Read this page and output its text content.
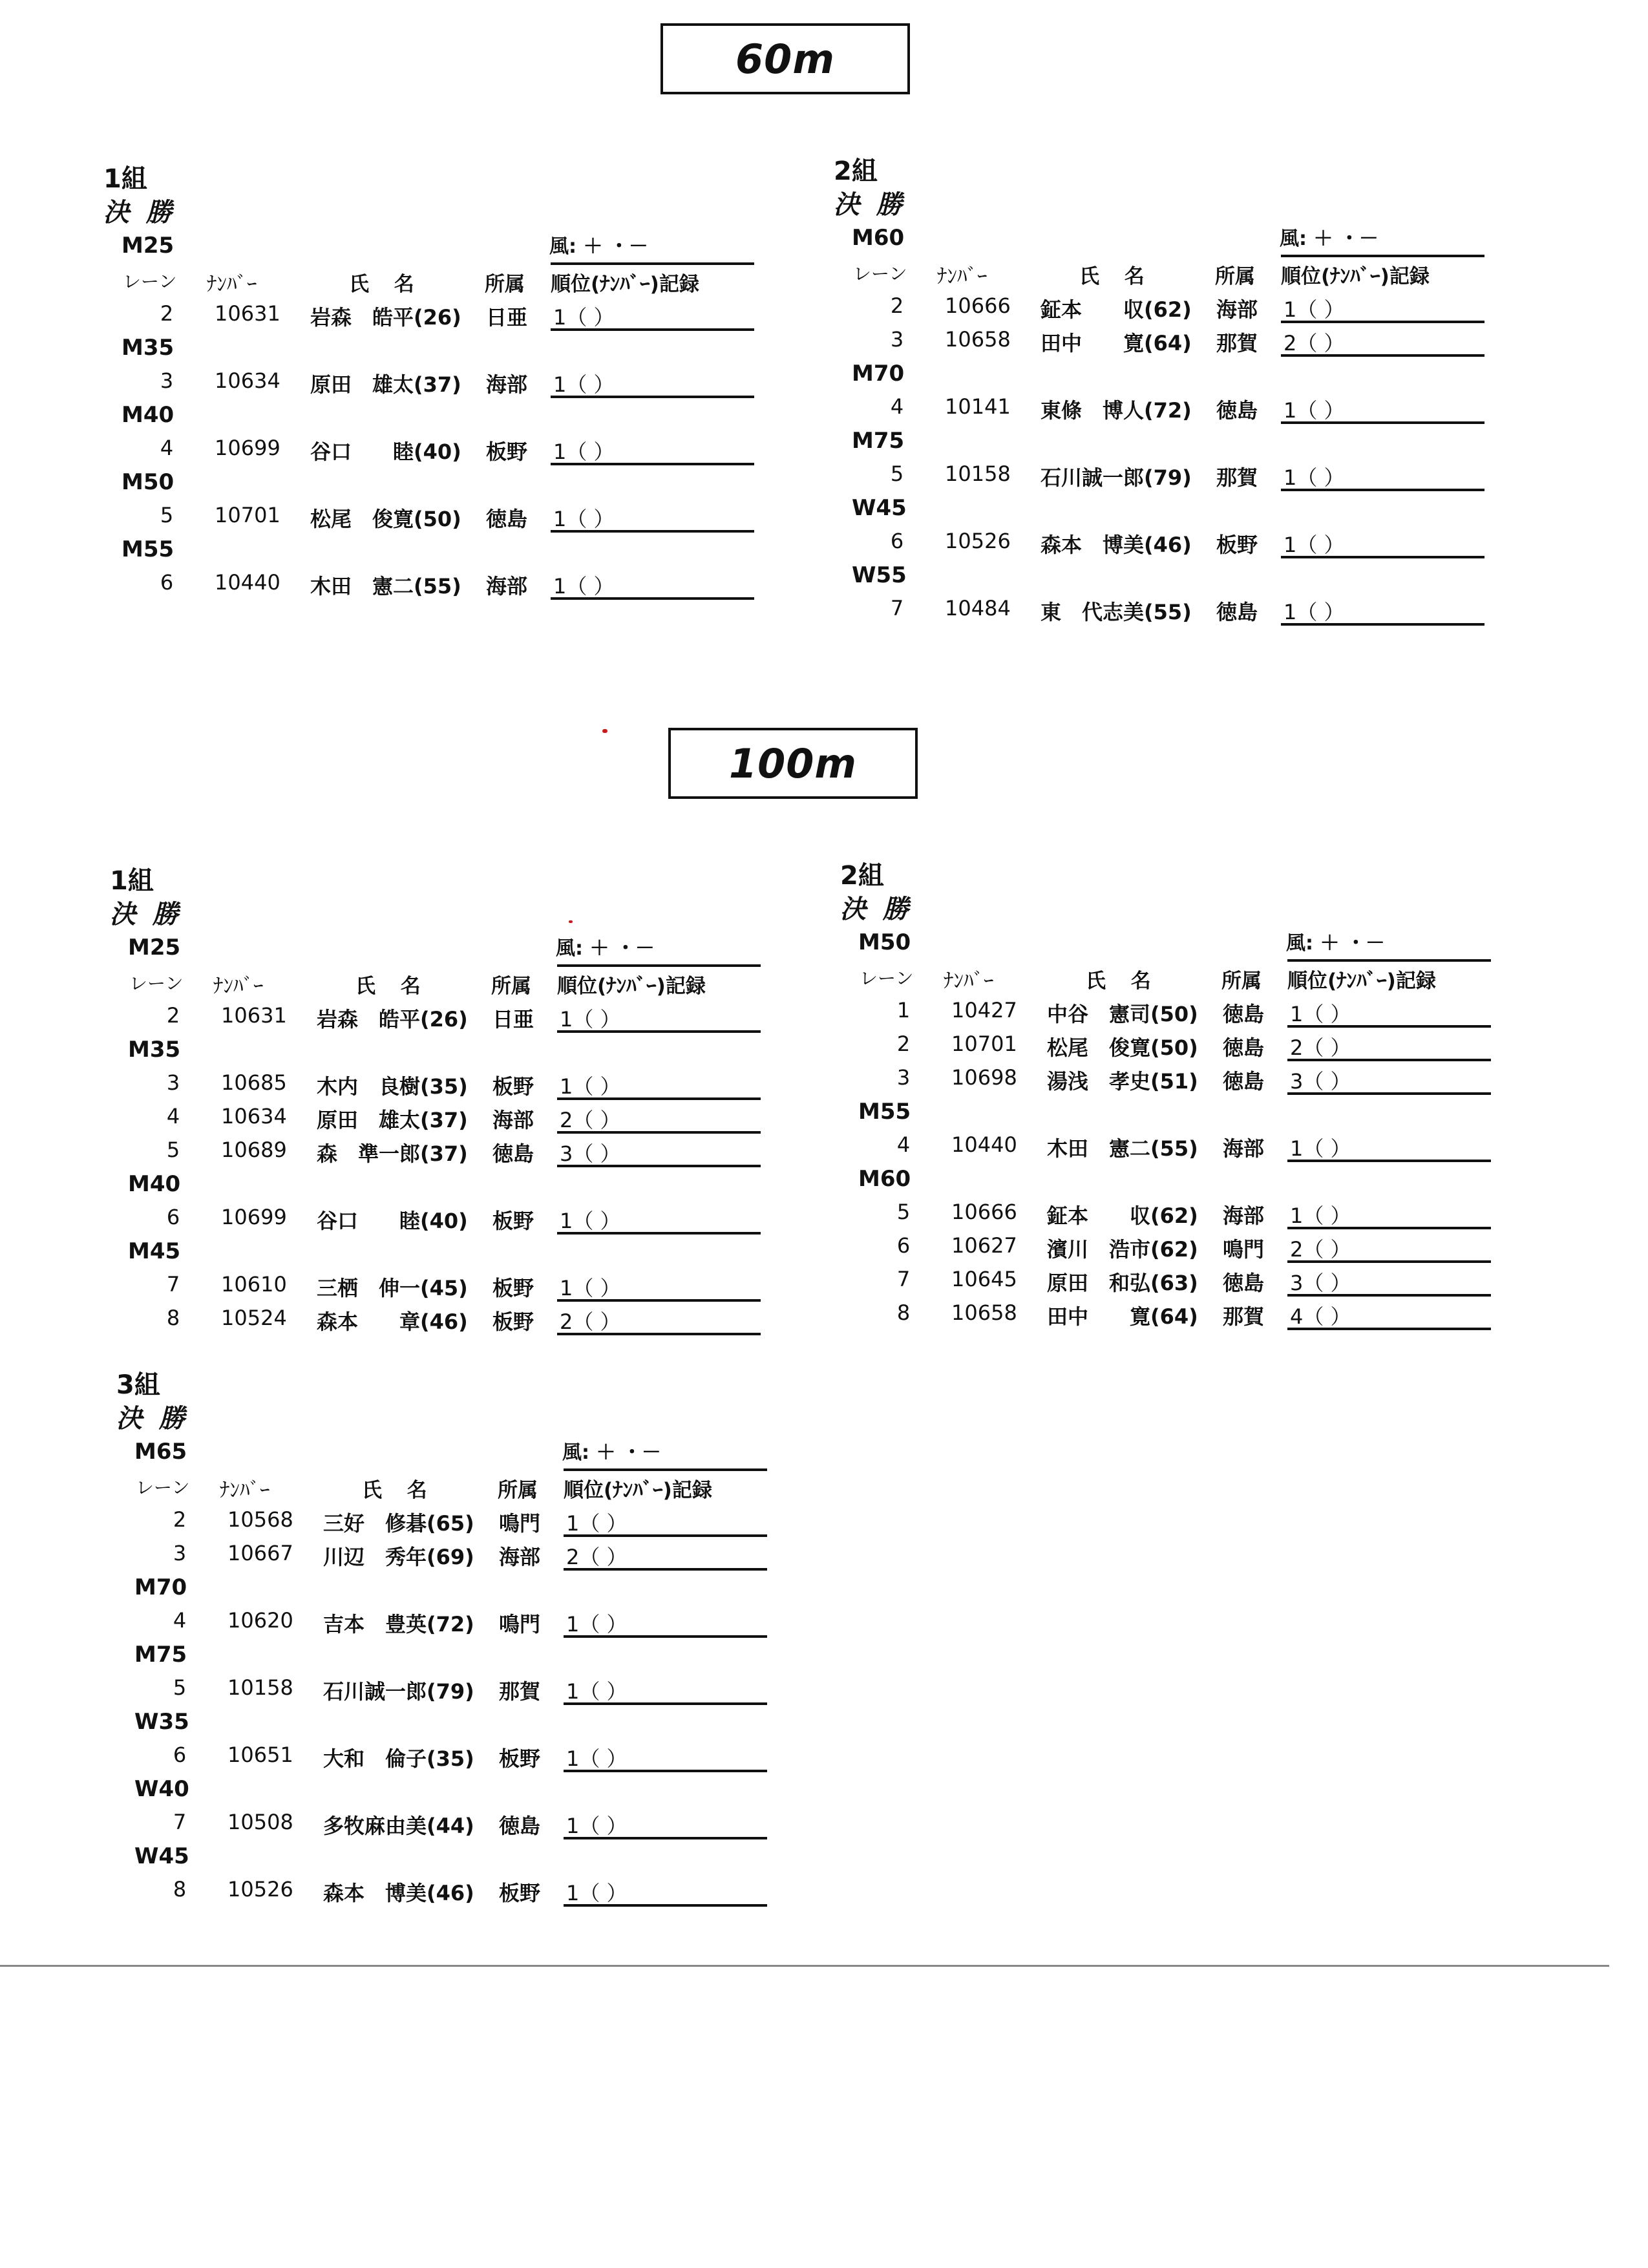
60m
100m
1組
決 勝
M25	風: ＋ ・－
レーン ﾅﾝﾊﾞｰ	氏 名	所属 順位(ﾅﾝﾊﾞｰ)記録
2 10631 岩森　皓平(26) 日亜 1（ ）
M35
3 10634 原田　雄太(37) 海部 1（ ）
M40
4 10699 谷口　　睦(40) 板野 1（ ）
M50
5 10701 松尾　俊寛(50) 徳島 1（ ）
M55
6 10440 木田　憲二(55) 海部 1（ ）
2組
決 勝
M60	風: ＋ ・－
レーン ﾅﾝﾊﾞｰ	氏 名	所属 順位(ﾅﾝﾊﾞｰ)記録
2 10666 鉦本　　収(62) 海部 1（ ）
3 10658 田中　　寛(64) 那賀 2（ ）
M70
4 10141 東條　博人(72) 徳島 1（ ）
M75
5 10158 石川誠一郎(79) 那賀 1（ ）
W45
6 10526 森本　博美(46) 板野 1（ ）
W55
7 10484 東　代志美(55) 徳島 1（ ）
1組
決 勝
M25	風: ＋ ・－
レーン ﾅﾝﾊﾞｰ	氏 名	所属 順位(ﾅﾝﾊﾞｰ)記録
2 10631 岩森　皓平(26) 日亜 1（ ）
M35
3 10685 木内　良樹(35) 板野 1（ ）
4 10634 原田　雄太(37) 海部 2（ ）
5 10689 森　準一郎(37) 徳島 3（ ）
M40
6 10699 谷口　　睦(40) 板野 1（ ）
M45
7 10610 三栖　伸一(45) 板野 1（ ）
8 10524 森本　　章(46) 板野 2（ ）
2組
決 勝
M50	風: ＋ ・－
レーン ﾅﾝﾊﾞｰ	氏 名	所属 順位(ﾅﾝﾊﾞｰ)記録
1 10427 中谷　憲司(50) 徳島 1（ ）
2 10701 松尾　俊寛(50) 徳島 2（ ）
3 10698 湯浅　孝史(51) 徳島 3（ ）
M55
4 10440 木田　憲二(55) 海部 1（ ）
M60
5 10666 鉦本　　収(62) 海部 1（ ）
6 10627 濱川　浩市(62) 鳴門 2（ ）
7 10645 原田　和弘(63) 徳島 3（ ）
8 10658 田中　　寛(64) 那賀 4（ ）
3組
決 勝
M65	風: ＋ ・－
レーン ﾅﾝﾊﾞｰ	氏 名	所属 順位(ﾅﾝﾊﾞｰ)記録
2 10568 三好　修碁(65) 鳴門 1（ ）
3 10667 川辺　秀年(69) 海部 2（ ）
M70
4 10620 吉本　豊英(72) 鳴門 1（ ）
M75
5 10158 石川誠一郎(79) 那賀 1（ ）
W35
6 10651 大和　倫子(35) 板野 1（ ）
W40
7 10508 多牧麻由美(44) 徳島 1（ ）
W45
8 10526 森本　博美(46) 板野 1（ ）
